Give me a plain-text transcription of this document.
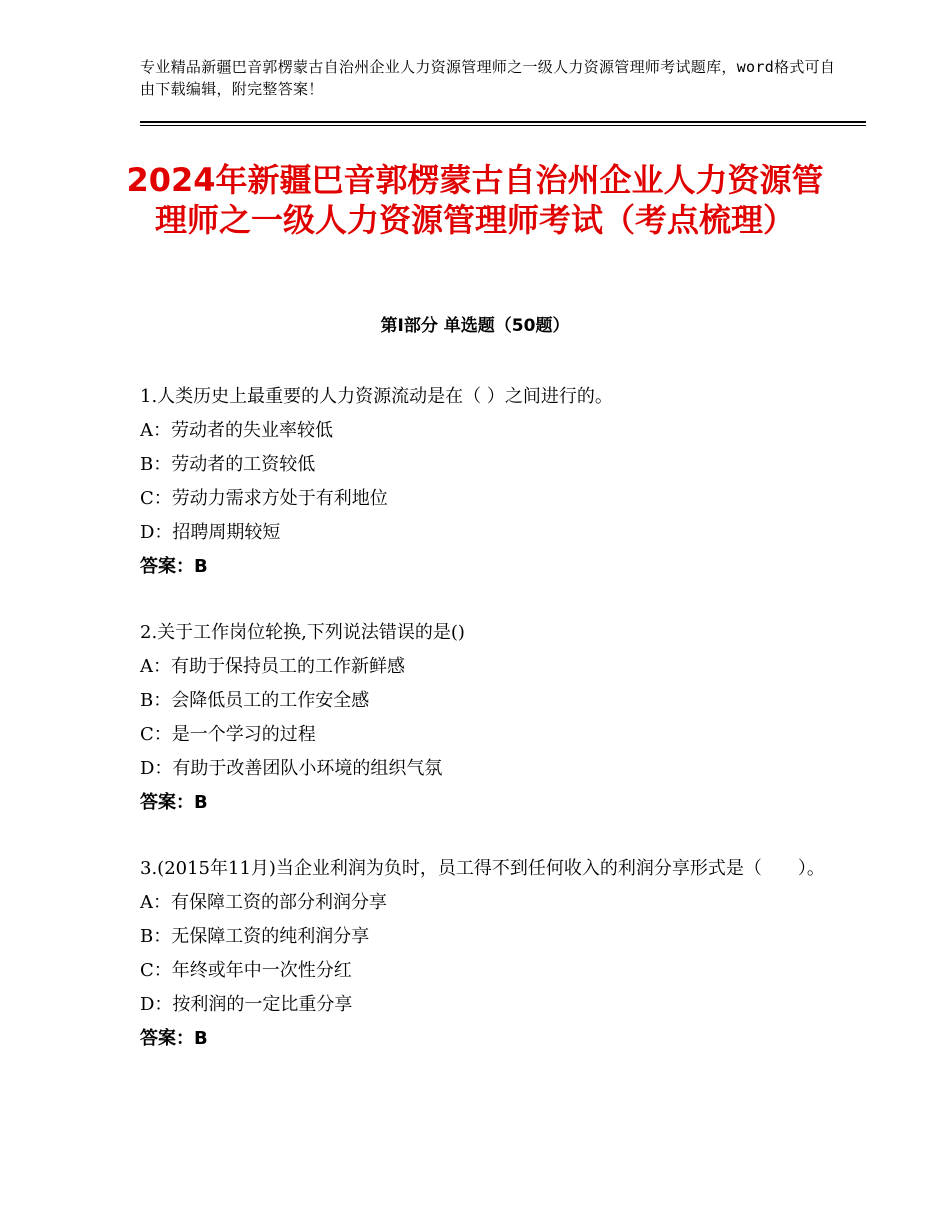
专业精品新疆巴音郭楞蒙古自治州企业人力资源管理师之一级人力资源管理师考试题库，word格式可自由下载编辑，附完整答案！
2024年新疆巴音郭楞蒙古自治州企业人力资源管理师之一级人力资源管理师考试（考点梳理）
第Ⅰ部分 单选题（50题）

1.人类历史上最重要的人力资源流动是在（ ）之间进行的。

A：劳动者的失业率较低

B：劳动者的工资较低

C：劳动力需求方处于有利地位

D：招聘周期较短

答案：B

2.关于工作岗位轮换,下列说法错误的是()

A：有助于保持员工的工作新鲜感

B：会降低员工的工作安全感

C：是一个学习的过程

D：有助于改善团队小环境的组织气氛

答案：B

3.(2015年11月)当企业利润为负时，员工得不到任何收入的利润分享形式是（　　）。

A：有保障工资的部分利润分享

B：无保障工资的纯利润分享

C：年终或年中一次性分红

D：按利润的一定比重分享

答案：B
